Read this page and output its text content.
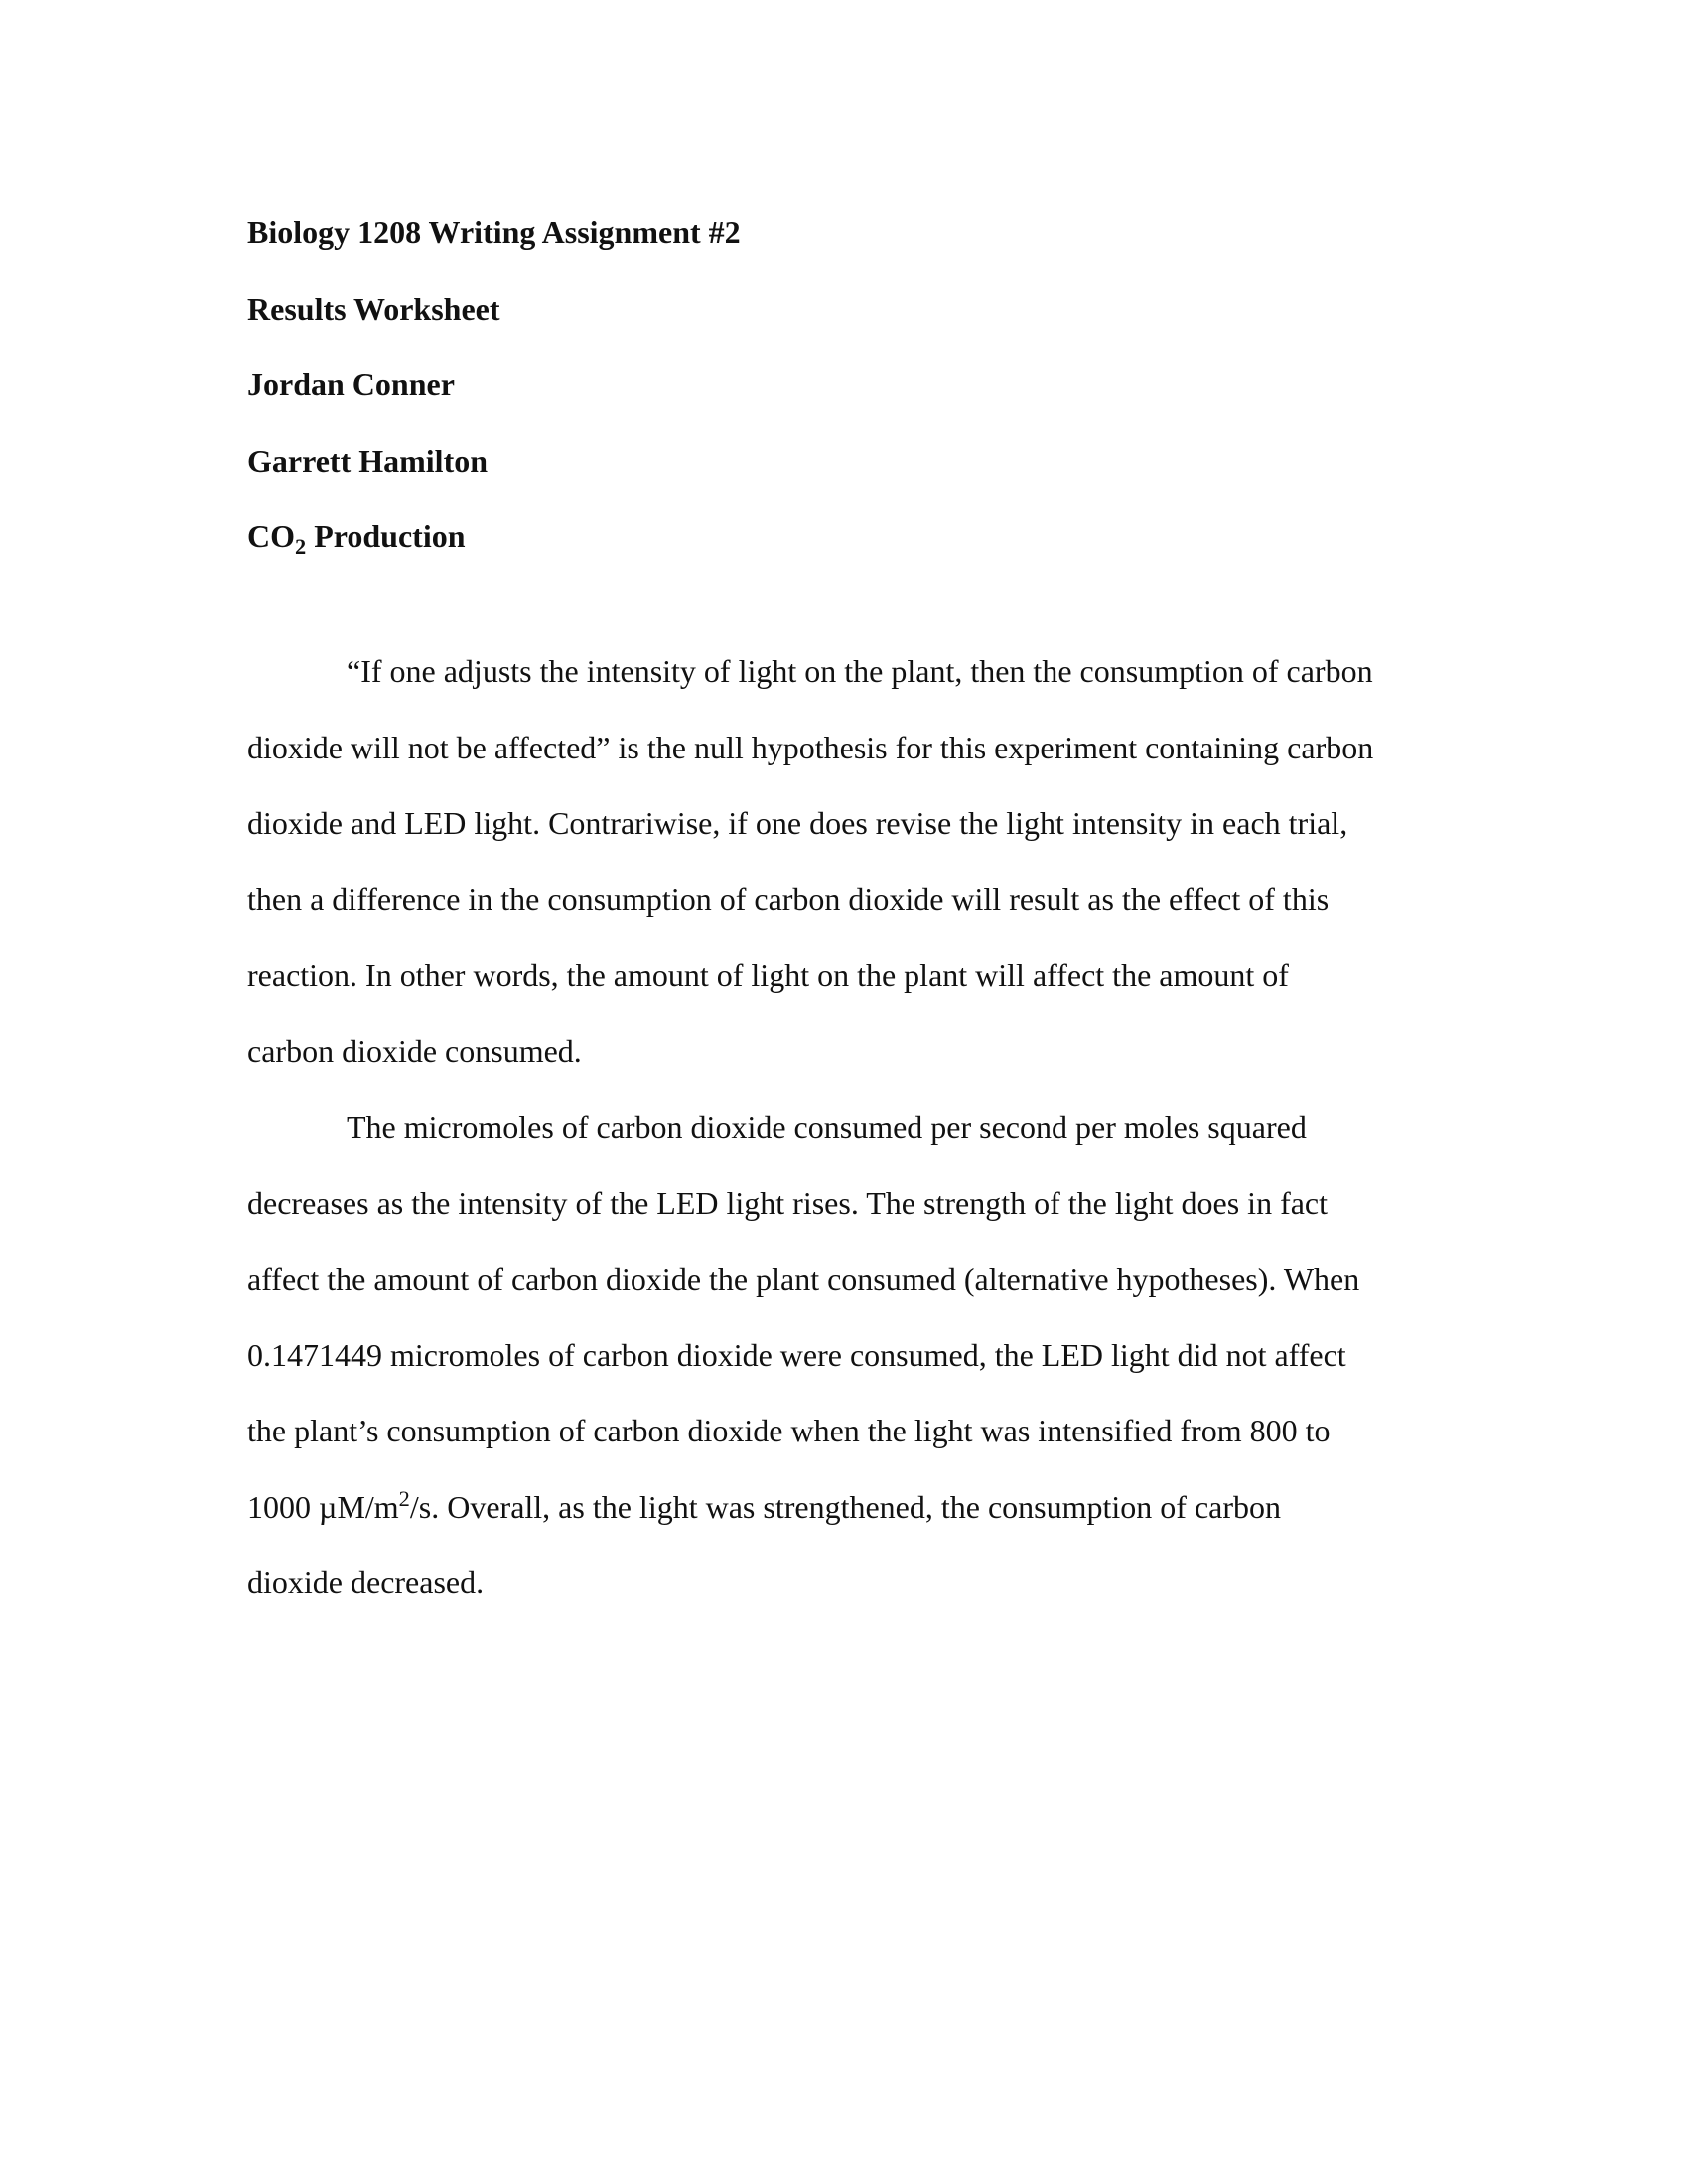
Biology 1208 Writing Assignment #2
Results Worksheet
Jordan Conner
Garrett Hamilton
$CO_2$ Production
“If one adjusts the intensity of light on the plant, then the consumption of carbon
dioxide will not be affected” is the null hypothesis for this experiment containing carbon
dioxide and LED light. Contrariwise, if one does revise the light intensity in each trial,
then a difference in the consumption of carbon dioxide will result as the effect of this
reaction. In other words, the amount of light on the plant will affect the amount of
carbon dioxide consumed.
The micromoles of carbon dioxide consumed per second per moles squared
decreases as the intensity of the LED light rises. The strength of the light does in fact
affect the amount of carbon dioxide the plant consumed (alternative hypotheses). When
0.1471449 micromoles of carbon dioxide were consumed, the LED light did not affect
the plant’s consumption of carbon dioxide when the light was intensified from 800 to
1000 $\mu M/m^2/s$. Overall, as the light was strengthened, the consumption of carbon
dioxide decreased.
